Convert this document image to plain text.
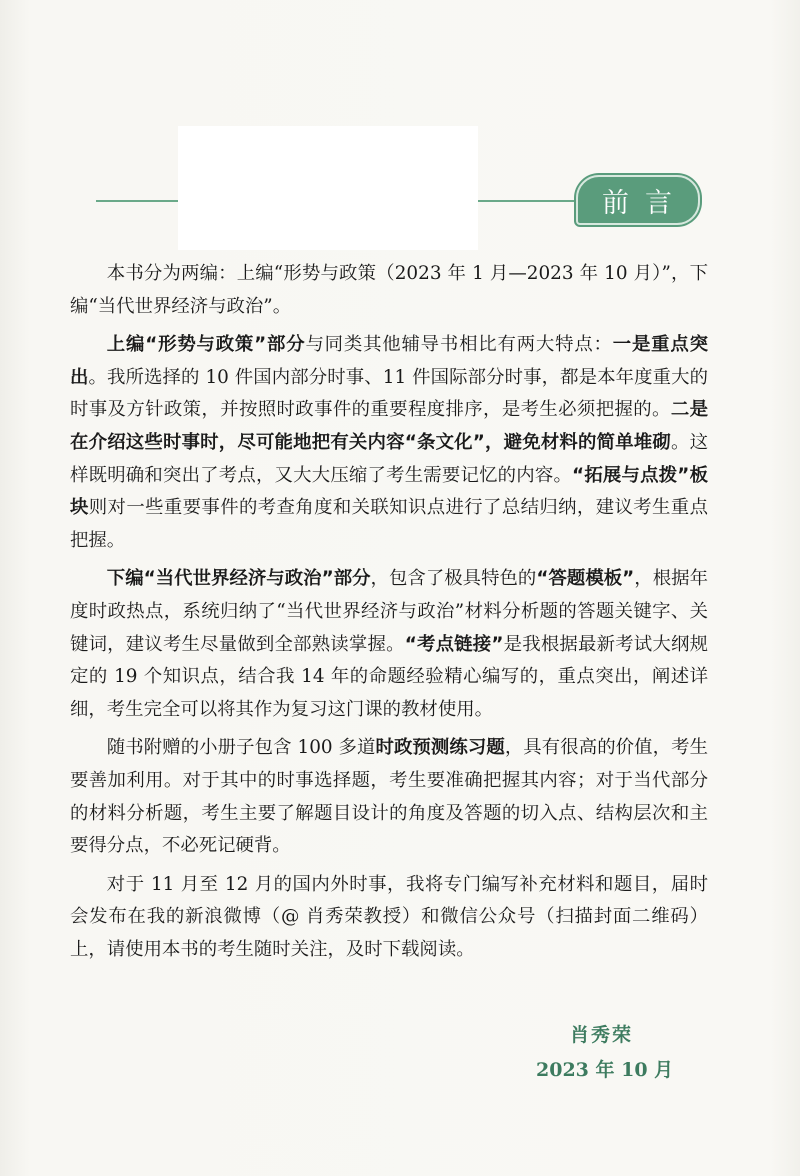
前言

本书分为两编：上编“形势与政策（2023 年 1 月—2023 年 10 月）”，下编“当代世界经济与政治”。

上编“形势与政策”部分与同类其他辅导书相比有两大特点：一是重点突出。我所选择的 10 件国内部分时事、11 件国际部分时事，都是本年度重大的时事及方针政策，并按照时政事件的重要程度排序，是考生必须把握的。二是在介绍这些时事时，尽可能地把有关内容“条文化”，避免材料的简单堆砌。这样既明确和突出了考点，又大大压缩了考生需要记忆的内容。“拓展与点拨”板块则对一些重要事件的考查角度和关联知识点进行了总结归纳，建议考生重点把握。

下编“当代世界经济与政治”部分，包含了极具特色的“答题模板”，根据年度时政热点，系统归纳了“当代世界经济与政治”材料分析题的答题关键字、关键词，建议考生尽量做到全部熟读掌握。“考点链接”是我根据最新考试大纲规定的 19 个知识点，结合我 14 年的命题经验精心编写的，重点突出，阐述详细，考生完全可以将其作为复习这门课的教材使用。

随书附赠的小册子包含 100 多道时政预测练习题，具有很高的价值，考生要善加利用。对于其中的时事选择题，考生要准确把握其内容；对于当代部分的材料分析题，考生主要了解题目设计的角度及答题的切入点、结构层次和主要得分点，不必死记硬背。

对于 11 月至 12 月的国内外时事，我将专门编写补充材料和题目，届时会发布在我的新浪微博（@ 肖秀荣教授）和微信公众号（扫描封面二维码）上，请使用本书的考生随时关注，及时下载阅读。

肖秀荣
2023 年 10 月
